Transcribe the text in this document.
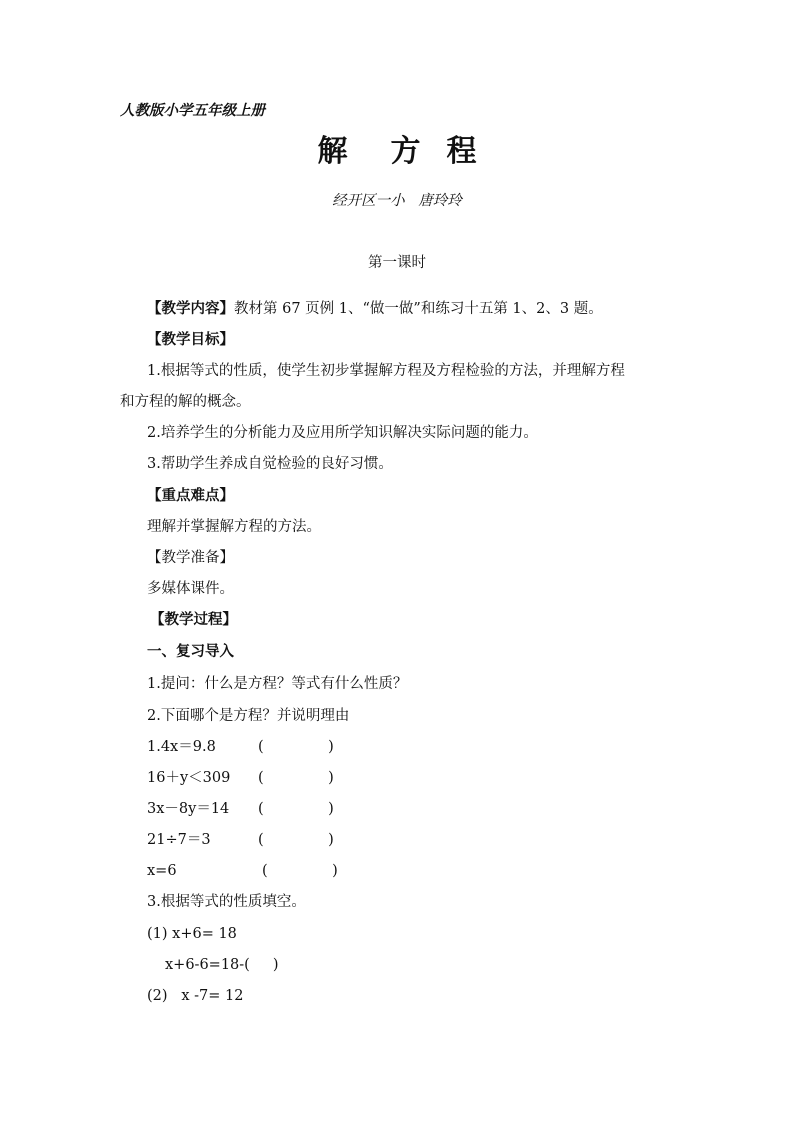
人教版小学五年级上册
解 方 程
经开区一小   唐玲玲
第一课时
【教学内容】教材第 67 页例 1、“做一做”和练习十五第 1、2、3 题。
【教学目标】
1.根据等式的性质，使学生初步掌握解方程及方程检验的方法，并理解方程
和方程的解的概念。
2.培养学生的分析能力及应用所学知识解决实际问题的能力。
3.帮助学生养成自觉检验的良好习惯。
【重点难点】
理解并掌握解方程的方法。
【教学准备】
多媒体课件。
【教学过程】
一、复习导入
1.提问：什么是方程？等式有什么性质？
2.下面哪个是方程？并说明理由
1.4x＝9.8	(              )
16＋y＜309 (              )
3x－8y＝14 (              )
21÷7＝3	(              )
x=6	(              )
3.根据等式的性质填空。
(1) x+6= 18
x+6-6=18-(     )
(2)   x -7= 12
